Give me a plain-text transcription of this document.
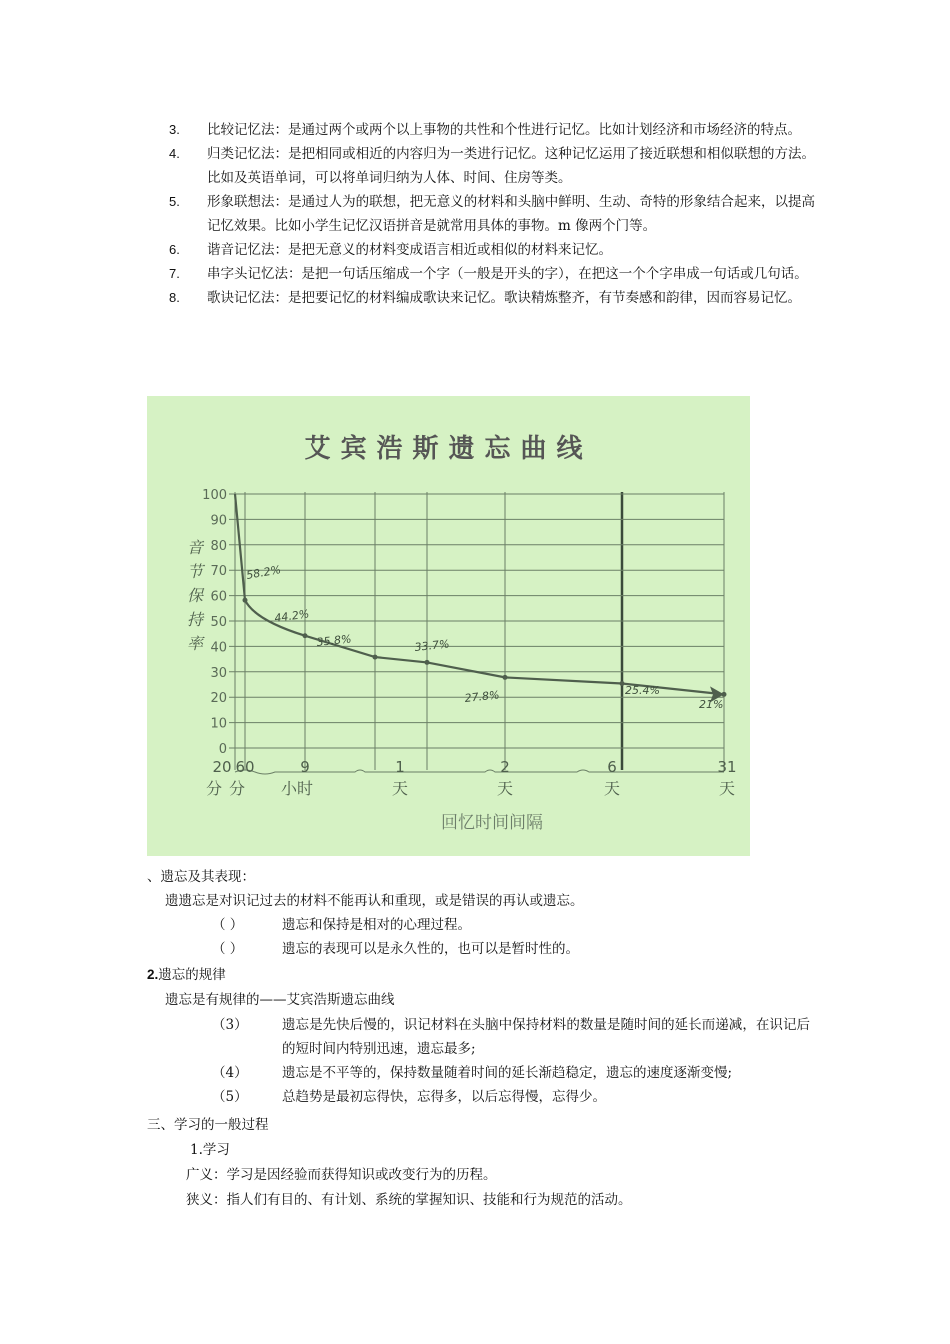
3.	比较记忆法：是通过两个或两个以上事物的共性和个性进行记忆。比如计划经济和市场经济的特点。
4.	归类记忆法：是把相同或相近的内容归为一类进行记忆。这种记忆运用了接近联想和相似联想的方法。比如及英语单词，可以将单词归纳为人体、时间、住房等类。
5.	形象联想法：是通过人为的联想，把无意义的材料和头脑中鲜明、生动、奇特的形象结合起来，以提高记忆效果。比如小学生记忆汉语拼音是就常用具体的事物。m 像两个门等。
6.	谐音记忆法：是把无意义的材料变成语言相近或相似的材料来记忆。
7.	串字头记忆法：是把一句话压缩成一个字（一般是开头的字），在把这一个个字串成一句话或几句话。
8.	歌诀记忆法：是把要记忆的材料编成歌诀来记忆。歌诀精炼整齐，有节奏感和韵律，因而容易记忆。
艾宾浩斯遗忘曲线
100
90
80
70
60
50
40
30
20
10
0
音
节
保
持
率
20
分
60
分
9
小时
1
天
2
天
6
天
31
天
回忆时间间隔
58.2%
44.2%
35.8%	33.7%
27.8%	25.4%
21%
、遗忘及其表现：
遗遗忘是对识记过去的材料不能再认和重现，或是错误的再认或遗忘。
（ ）	遗忘和保持是相对的心理过程。
（ ）	遗忘的表现可以是永久性的，也可以是暂时性的。
2.遗忘的规律
遗忘是有规律的——艾宾浩斯遗忘曲线
（3）	遗忘是先快后慢的，识记材料在头脑中保持材料的数量是随时间的延长而递减，在识记后的短时间内特别迅速，遗忘最多;
（4）	遗忘是不平等的，保持数量随着时间的延长渐趋稳定，遗忘的速度逐渐变慢;
（5）	总趋势是最初忘得快，忘得多，以后忘得慢，忘得少。
三、学习的一般过程
1.学习
广义：学习是因经验而获得知识或改变行为的历程。
狭义：指人们有目的、有计划、系统的掌握知识、技能和行为规范的活动。
